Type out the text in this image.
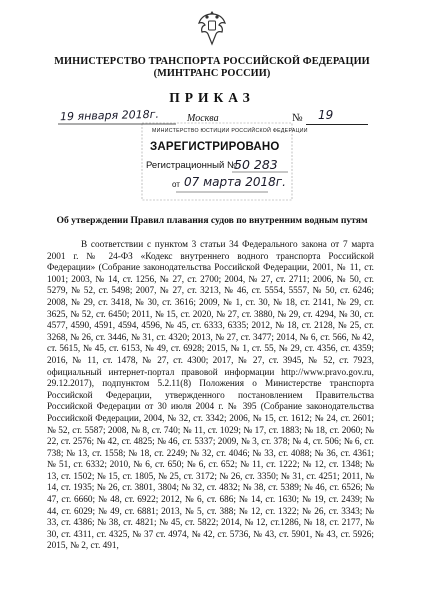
МИНИСТЕРСТВО ТРАНСПОРТА РОССИЙСКОЙ ФЕДЕРАЦИИ
(МИНТРАНС РОССИИ)
ПРИКАЗ
19 января 2018г.	Москва	№ 19
МИНИСТЕРСТВО ЮСТИЦИИ РОССИЙСКОЙ ФЕДЕРАЦИИ
ЗАРЕГИСТРИРОВАНО
Регистрационный №
50 283
от 07 марта 2018г.
Об утверждении Правил плавания судов по внутренним водным путям

В соответствии с пунктом 3 статьи 34 Федерального закона от 7 марта 2001 г. № 24-ФЗ «Кодекс внутреннего водного транспорта Российской Федерации» (Собрание законодательства Российской Федерации, 2001, № 11, ст. 1001; 2003, № 14, ст. 1256, № 27, ст. 2700; 2004, № 27, ст. 2711; 2006, № 50, ст. 5279, № 52, ст. 5498; 2007, № 27, ст. 3213, № 46, ст. 5554, 5557, № 50, ст. 6246; 2008, № 29, ст. 3418, № 30, ст. 3616; 2009, № 1, ст. 30, № 18, ст. 2141, № 29, ст. 3625, № 52, ст. 6450; 2011, № 15, ст. 2020, № 27, ст. 3880, № 29, ст. 4294, № 30, ст. 4577, 4590, 4591, 4594, 4596, № 45, ст. 6333, 6335; 2012, № 18, ст. 2128, № 25, ст. 3268, № 26, ст. 3446, № 31, ст. 4320; 2013, № 27, ст. 3477; 2014, № 6, ст. 566, № 42, ст. 5615, № 45, ст. 6153, № 49, ст. 6928; 2015, № 1, ст. 55, № 29, ст. 4356, ст. 4359; 2016, № 11, ст. 1478, № 27, ст. 4300; 2017, № 27, ст. 3945, № 52, ст. 7923, официальный интернет-портал правовой информации http://www.pravo.gov.ru, 29.12.2017), подпунктом 5.2.11(8) Положения о Министерстве транспорта Российской Федерации, утвержденного постановлением Правительства Российской Федерации от 30 июля 2004 г. № 395 (Собрание законодательства Российской Федерации, 2004, № 32, ст. 3342; 2006, № 15, ст. 1612; № 24, ст. 2601; № 52, ст. 5587; 2008, № 8, ст. 740; № 11, ст. 1029; № 17, ст. 1883; № 18, ст. 2060; № 22, ст. 2576; № 42, ст. 4825; № 46, ст. 5337; 2009, № 3, ст. 378; № 4, ст. 506; № 6, ст. 738; № 13, ст. 1558; № 18, ст. 2249; № 32, ст. 4046; № 33, ст. 4088; № 36, ст. 4361; № 51, ст. 6332; 2010, № 6, ст. 650; № 6, ст. 652; № 11, ст. 1222; № 12, ст. 1348; № 13, ст. 1502; № 15, ст. 1805, № 25, ст. 3172; № 26, ст. 3350; № 31, ст. 4251; 2011, № 14, ст. 1935; № 26, ст. 3801, 3804; № 32, ст. 4832; № 38, ст. 5389; № 46, ст. 6526; № 47, ст. 6660; № 48, ст. 6922; 2012, № 6, ст. 686; № 14, ст. 1630; № 19, ст. 2439; № 44, ст. 6029; № 49, ст. 6881; 2013, № 5, ст. 388; № 12, ст. 1322; № 26, ст. 3343; № 33, ст. 4386; № 38, ст. 4821; № 45, ст. 5822; 2014, № 12, ст.1286, № 18, ст. 2177, № 30, ст. 4311, ст. 4325, № 37 ст. 4974, № 42, ст. 5736, № 43, ст. 5901, № 43, ст. 5926; 2015, № 2, ст. 491,
